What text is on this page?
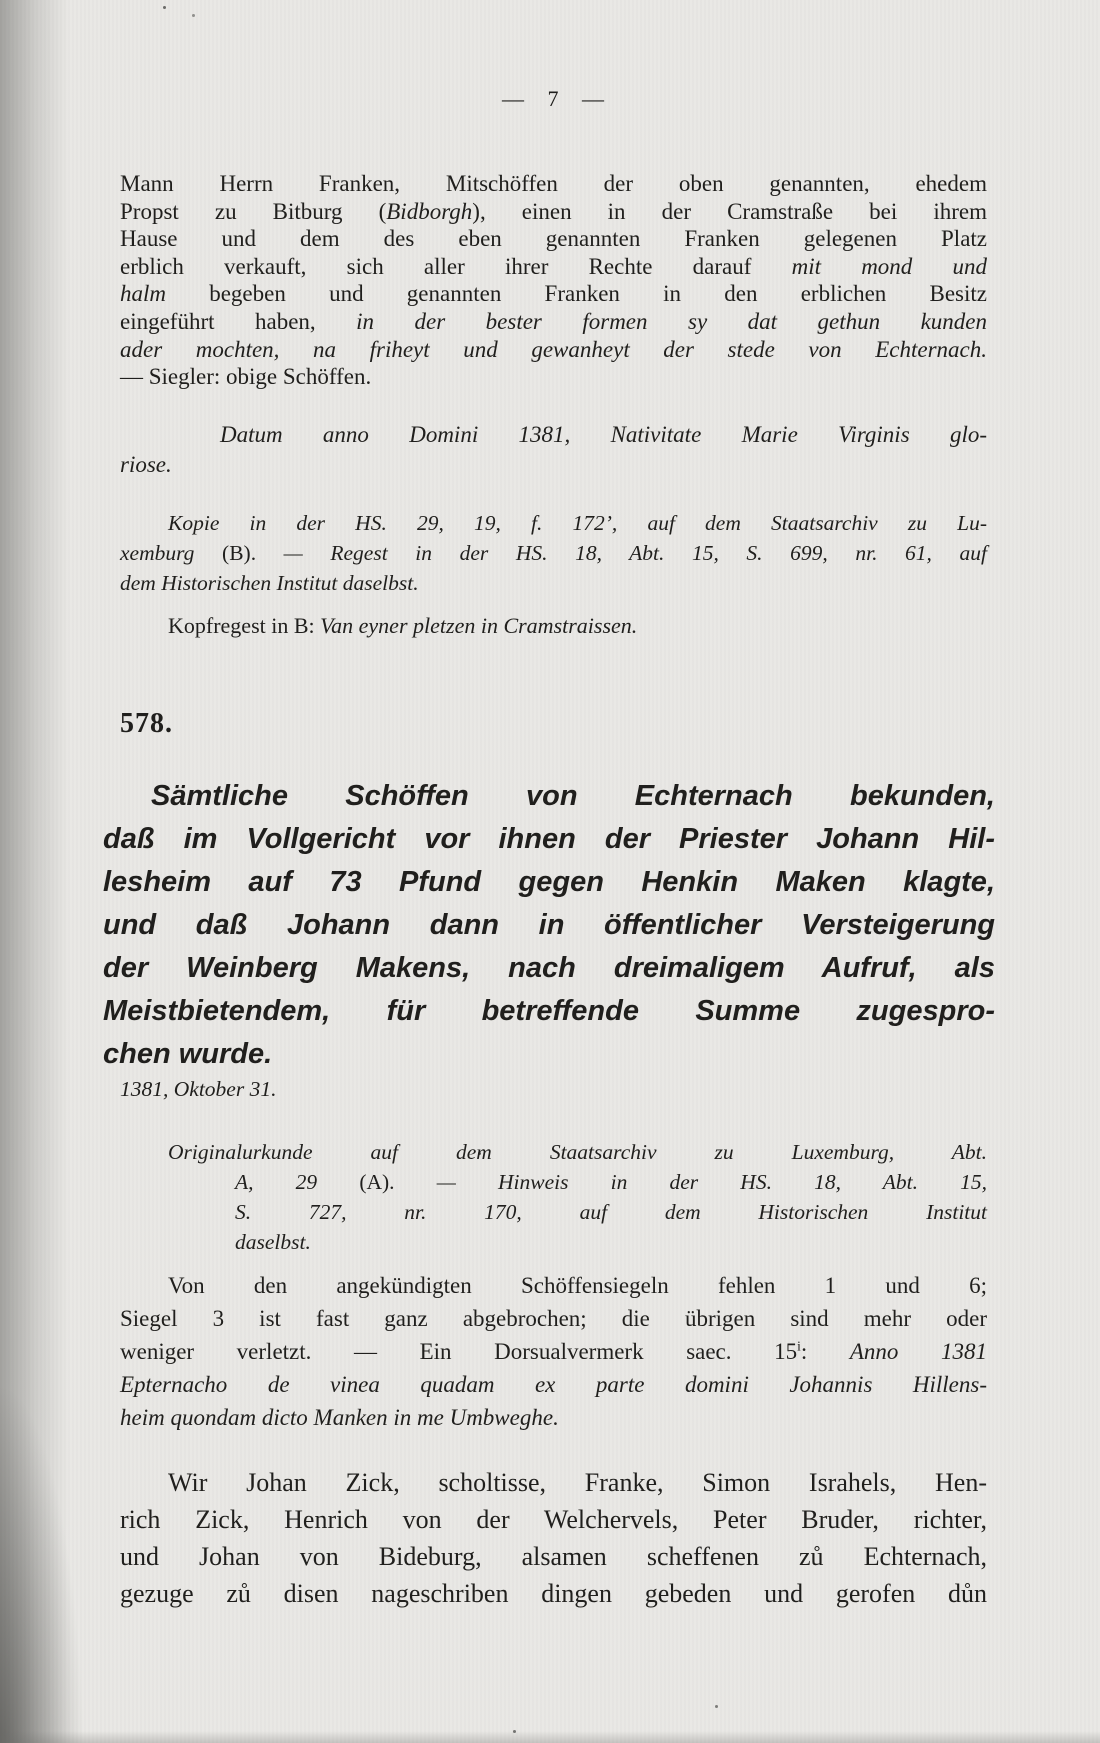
— 7 —
Mann Herrn Franken, Mitschöffen der oben genannten, ehedem
Propst zu Bitburg (Bidborgh), einen in der Cramstraße bei ihrem
Hause und dem des eben genannten Franken gelegenen Platz
erblich verkauft, sich aller ihrer Rechte darauf mit mond und
halm begeben und genannten Franken in den erblichen Besitz
eingeführt haben, in der bester formen sy dat gethun kunden
ader mochten, na friheyt und gewanheyt der stede von Echternach.
— Siegler: obige Schöffen.
Datum anno Domini 1381, Nativitate Marie Virginis glo-
riose.
Kopie in der HS. 29, 19, f. 172’, auf dem Staatsarchiv zu Lu-
xemburg (B). — Regest in der HS. 18, Abt. 15, S. 699, nr. 61, auf
dem Historischen Institut daselbst.
Kopfregest in B: Van eyner pletzen in Cramstraissen.
578.
Sämtliche Schöffen von Echternach bekunden,
daß im Vollgericht vor ihnen der Priester Johann Hil-
lesheim auf 73 Pfund gegen Henkin Maken klagte,
und daß Johann dann in öffentlicher Versteigerung
der Weinberg Makens, nach dreimaligem Aufruf, als
Meistbietendem, für betreffende Summe zugespro-
chen wurde.
1381, Oktober 31.
Originalurkunde auf dem Staatsarchiv zu Luxemburg, Abt.
A, 29 (A). — Hinweis in der HS. 18, Abt. 15,
S. 727, nr. 170, auf dem Historischen Institut
daselbst.
Von den angekündigten Schöffensiegeln fehlen 1 und 6;
Siegel 3 ist fast ganz abgebrochen; die übrigen sind mehr oder
weniger verletzt. — Ein Dorsualvermerk saec. 15$^i$: Anno 1381
Epternacho de vinea quadam ex parte domini Johannis Hillens-
heim quondam dicto Manken in me Umbweghe.
Wir Johan Zick, scholtisse, Franke, Simon Israhels, Hen-
rich Zick, Henrich von der Welchervels, Peter Bruder, richter,
und Johan von Bideburg, alsamen scheffenen zů Echternach,
gezuge zů disen nageschriben dingen gebeden und gerofen důn
